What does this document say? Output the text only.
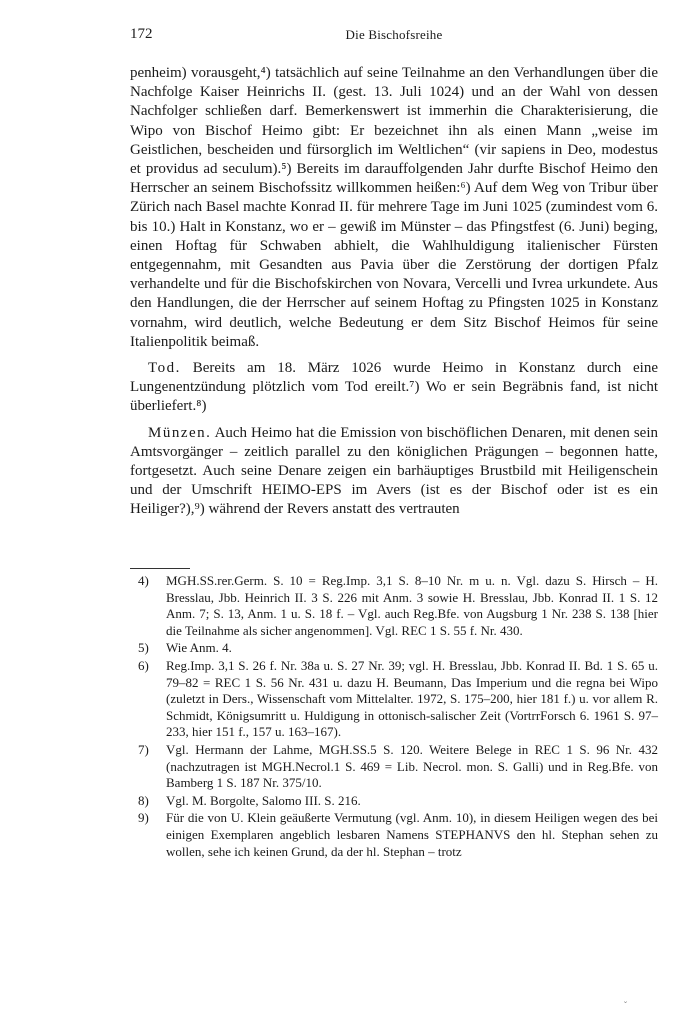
172	Die Bischofsreihe

penheim) vorausgeht,⁴) tatsächlich auf seine Teilnahme an den Verhandlungen über die Nachfolge Kaiser Heinrichs II. (gest. 13. Juli 1024) und an der Wahl von dessen Nachfolger schließen darf. Bemerkenswert ist immerhin die Charakterisierung, die Wipo von Bischof Heimo gibt: Er bezeichnet ihn als einen Mann „weise im Geistlichen, bescheiden und fürsorglich im Weltlichen“ (vir sapiens in Deo, modestus et providus ad seculum).⁵) Bereits im darauffolgenden Jahr durfte Bischof Heimo den Herrscher an seinem Bischofssitz willkommen heißen:⁶) Auf dem Weg von Tribur über Zürich nach Basel machte Konrad II. für mehrere Tage im Juni 1025 (zumindest vom 6. bis 10.) Halt in Konstanz, wo er – gewiß im Münster – das Pfingstfest (6. Juni) beging, einen Hoftag für Schwaben abhielt, die Wahlhuldigung italienischer Fürsten entgegennahm, mit Gesandten aus Pavia über die Zerstörung der dortigen Pfalz verhandelte und für die Bischofskirchen von Novara, Vercelli und Ivrea urkundete. Aus den Handlungen, die der Herrscher auf seinem Hoftag zu Pfingsten 1025 in Konstanz vornahm, wird deutlich, welche Bedeutung er dem Sitz Bischof Heimos für seine Italienpolitik beimaß.

Tod. Bereits am 18. März 1026 wurde Heimo in Konstanz durch eine Lungenentzündung plötzlich vom Tod ereilt.⁷) Wo er sein Begräbnis fand, ist nicht überliefert.⁸)

Münzen. Auch Heimo hat die Emission von bischöflichen Denaren, mit denen sein Amtsvorgänger – zeitlich parallel zu den königlichen Prägungen – begonnen hatte, fortgesetzt. Auch seine Denare zeigen ein barhäuptiges Brustbild mit Heiligenschein und der Umschrift HEIMO-EPS im Avers (ist es der Bischof oder ist es ein Heiliger?),⁹) während der Revers anstatt des vertrauten

4)	MGH.SS.rer.Germ. S. 10 = Reg.Imp. 3,1 S. 8–10 Nr. m u. n. Vgl. dazu S. Hirsch – H. Bresslau, Jbb. Heinrich II. 3 S. 226 mit Anm. 3 sowie H. Bresslau, Jbb. Konrad II. 1 S. 12 Anm. 7; S. 13, Anm. 1 u. S. 18 f. – Vgl. auch Reg.Bfe. von Augsburg 1 Nr. 238 S. 138 [hier die Teilnahme als sicher angenommen]. Vgl. REC 1 S. 55 f. Nr. 430.

5)	Wie Anm. 4.

6)	Reg.Imp. 3,1 S. 26 f. Nr. 38a u. S. 27 Nr. 39; vgl. H. Bresslau, Jbb. Konrad II. Bd. 1 S. 65 u. 79–82 = REC 1 S. 56 Nr. 431 u. dazu H. Beumann, Das Imperium und die regna bei Wipo (zuletzt in Ders., Wissenschaft vom Mittelalter. 1972, S. 175–200, hier 181 f.) u. vor allem R. Schmidt, Königsumritt u. Huldigung in ottonisch-salischer Zeit (VortrrForsch 6. 1961 S. 97–233, hier 151 f., 157 u. 163–167).

7)	Vgl. Hermann der Lahme, MGH.SS.5 S. 120. Weitere Belege in REC 1 S. 96 Nr. 432 (nachzutragen ist MGH.Necrol.1 S. 469 = Lib. Necrol. mon. S. Galli) und in Reg.Bfe. von Bamberg 1 S. 187 Nr. 375/10.

8)	Vgl. M. Borgolte, Salomo III. S. 216.

9)	Für die von U. Klein geäußerte Vermutung (vgl. Anm. 10), in diesem Heiligen wegen des bei einigen Exemplaren angeblich lesbaren Namens STEPHANVS den hl. Stephan sehen zu wollen, sehe ich keinen Grund, da der hl. Stephan – trotz

˘
